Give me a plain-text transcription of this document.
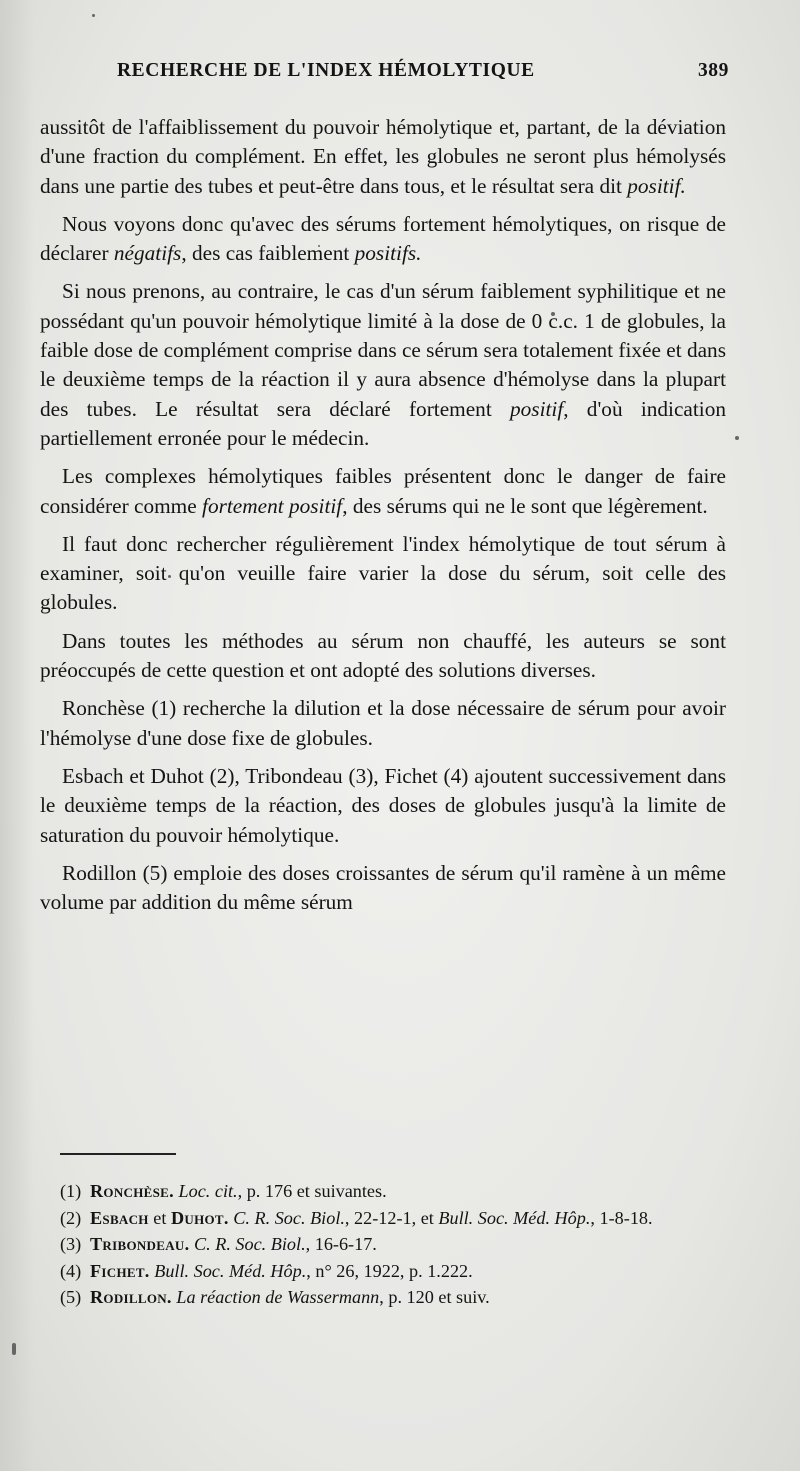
RECHERCHE DE L'INDEX HÉMOLYTIQUE	389

aussitôt de l'affaiblissement du pouvoir hémolytique et, partant, de la déviation d'une fraction du complément. En effet, les globules ne seront plus hémolysés dans une partie des tubes et peut-être dans tous, et le résultat sera dit positif.

Nous voyons donc qu'avec des sérums fortement hémolytiques, on risque de déclarer négatifs, des cas faiblement positifs.

Si nous prenons, au contraire, le cas d'un sérum faiblement syphilitique et ne possédant qu'un pouvoir hémolytique limité à la dose de 0 c.c. 1 de globules, la faible dose de complément comprise dans ce sérum sera totalement fixée et dans le deuxième temps de la réaction il y aura absence d'hémolyse dans la plupart des tubes. Le résultat sera déclaré fortement positif, d'où indication partiellement erronée pour le médecin.

Les complexes hémolytiques faibles présentent donc le danger de faire considérer comme fortement positif, des sérums qui ne le sont que légèrement.

Il faut donc rechercher régulièrement l'index hémolytique de tout sérum à examiner, soit qu'on veuille faire varier la dose du sérum, soit celle des globules.

Dans toutes les méthodes au sérum non chauffé, les auteurs se sont préoccupés de cette question et ont adopté des solutions diverses.

Ronchèse (1) recherche la dilution et la dose nécessaire de sérum pour avoir l'hémolyse d'une dose fixe de globules.

Esbach et Duhot (2), Tribondeau (3), Fichet (4) ajoutent successivement dans le deuxième temps de la réaction, des doses de globules jusqu'à la limite de saturation du pouvoir hémolytique.

Rodillon (5) emploie des doses croissantes de sérum qu'il ramène à un même volume par addition du même sérum

(1) Ronchèse. Loc. cit., p. 176 et suivantes.

(2) Esbach et Duhot. C. R. Soc. Biol., 22-12-1, et Bull. Soc. Méd. Hôp., 1-8-18.

(3) Tribondeau. C. R. Soc. Biol., 16-6-17.

(4) Fichet. Bull. Soc. Méd. Hôp., n° 26, 1922, p. 1.222.

(5) Rodillon. La réaction de Wassermann, p. 120 et suiv.
